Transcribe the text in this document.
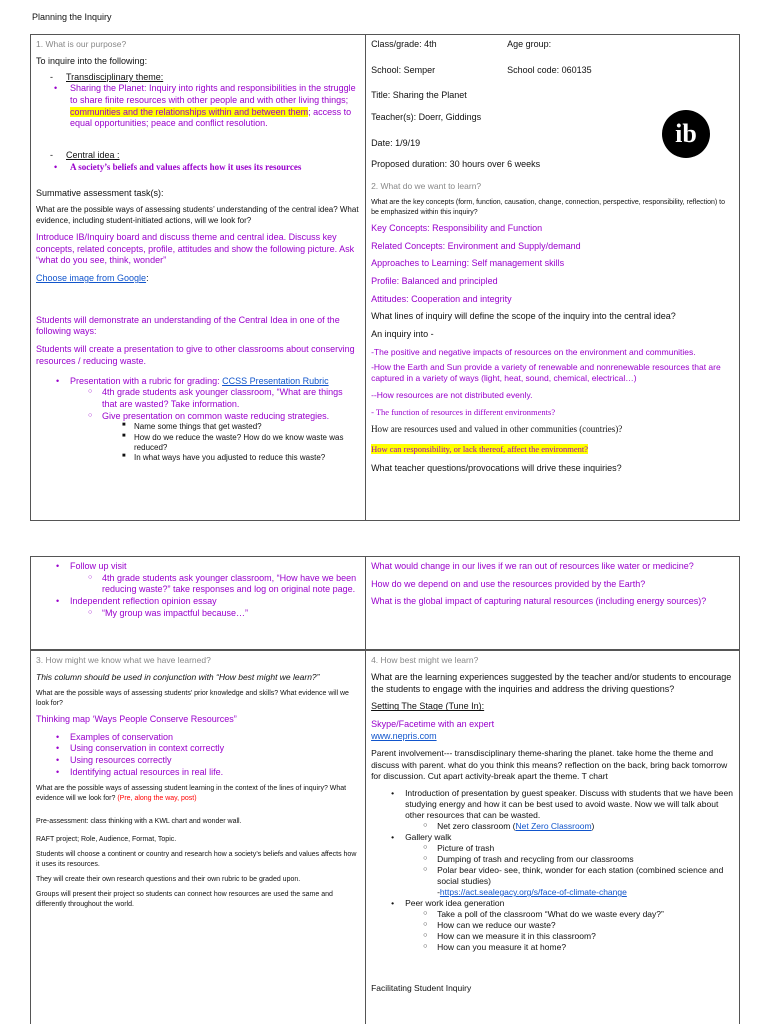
Planning the Inquiry
1. What is our purpose?
To inquire into the following:
- Transdisciplinary theme:
• Sharing the Planet: Inquiry into rights and responsibilities in the struggle to share finite resources with other people and with other living things; communities and the relationships within and between them; access to equal opportunities; peace and conflict resolution.
- Central idea :
• A society’s beliefs and values affects how it uses its resources
Summative assessment task(s):
What are the possible ways of assessing students’ understanding of the central idea? What evidence, including student-initiated actions, will we look for?
Introduce IB/Inquiry board and discuss theme and central idea. Discuss key concepts, related concepts, profile, attitudes and show the following picture. Ask “what do you see, think, wonder”
Choose image from Google:
Students will demonstrate an understanding of the Central Idea in one of the following ways:
Students will create a presentation to give to other classrooms about conserving resources / reducing waste.
• Presentation with a rubric for grading: CCSS Presentation Rubric
○ 4th grade students ask younger classroom, “What are things that are wasted? Take information.
○ Give presentation on common waste reducing strategies.
■ Name some things that get wasted?
■ How do we reduce the waste? How do we know waste was reduced?
■ In what ways have you adjusted to reduce this waste?
Class/grade: 4th	Age group:
School: Semper	School code: 060135
Title: Sharing the Planet
Teacher(s): Doerr, Giddings
Date: 1/9/19
Proposed duration: 30 hours over 6 weeks
ib
2. What do we want to learn?
What are the key concepts (form, function, causation, change, connection, perspective, responsibility, reflection) to be emphasized within this inquiry?
Key Concepts: Responsibility and Function
Related Concepts: Environment and Supply/demand
Approaches to Learning: Self management skills
Profile: Balanced and principled
Attitudes: Cooperation and integrity
What lines of inquiry will define the scope of the inquiry into the central idea?
An inquiry into -
-The positive and negative impacts of resources on the environment and communities.
-How the Earth and Sun provide a variety of renewable and nonrenewable resources that are captured in a variety of ways (light, heat, sound, chemical, electrical…)
--How resources are not distributed evenly.
- The function of resources in different environments?
How are resources used and valued in other communities (countries)?
How can responsibility, or lack thereof, affect the environment?
What teacher questions/provocations will drive these inquiries?
• Follow up visit
○ 4th grade students ask younger classroom, “How have we been reducing waste?” take responses and log on original note page.
• Independent reflection opinion essay
○ “My group was impactful because…”
What would change in our lives if we ran out of resources like water or medicine?
How do we depend on and use the resources provided by the Earth?
What is the global impact of capturing natural resources (including energy sources)?
3. How might we know what we have learned?
This column should be used in conjunction with “How best might we learn?”
What are the possible ways of assessing students’ prior knowledge and skills? What evidence will we look for?
Thinking map ‘Ways People Conserve Resources”
• Examples of conservation
• Using conservation in context correctly
• Using resources correctly
• Identifying actual resources in real life.
What are the possible ways of assessing student learning in the context of the lines of inquiry? What evidence will we look for? (Pre, along the way, post)
Pre-assessment: class thinking with a KWL chart and wonder wall.
RAFT project; Role, Audience, Format, Topic.
Students will choose a continent or country and research how a society’s beliefs and values affects how it uses its resources.
They will create their own research questions and their own rubric to be graded upon.
Groups will present their project so students can connect how resources are used the same and differently throughout the world.
4. How best might we learn?
What are the learning experiences suggested by the teacher and/or students to encourage the students to engage with the inquiries and address the driving questions?
Setting The Stage (Tune In):
Skype/Facetime with an expert
www.nepris.com
Parent involvement--- transdisciplinary theme-sharing the planet. take home the theme and discuss with parent. what do you think this means? reflection on the back, bring back tomorrow for discussion. Cut apart activity-break apart the theme. T chart
• Introduction of presentation by guest speaker. Discuss with students that we have been studying energy and how it can be best used to avoid waste. Now we will talk about other resources that can be wasted.
○ Net zero classroom (Net Zero Classroom)
• Gallery walk
○ Picture of trash
○ Dumping of trash and recycling from our classrooms
○ Polar bear video- see, think, wonder for each station (combined science and social studies)
-https://act.sealegacy.org/s/face-of-climate-change
• Peer work idea generation
○ Take a poll of the classroom “What do we waste every day?”
○ How can we reduce our waste?
○ How can we measure it in this classroom?
○ How can you measure it at home?
Facilitating Student Inquiry
